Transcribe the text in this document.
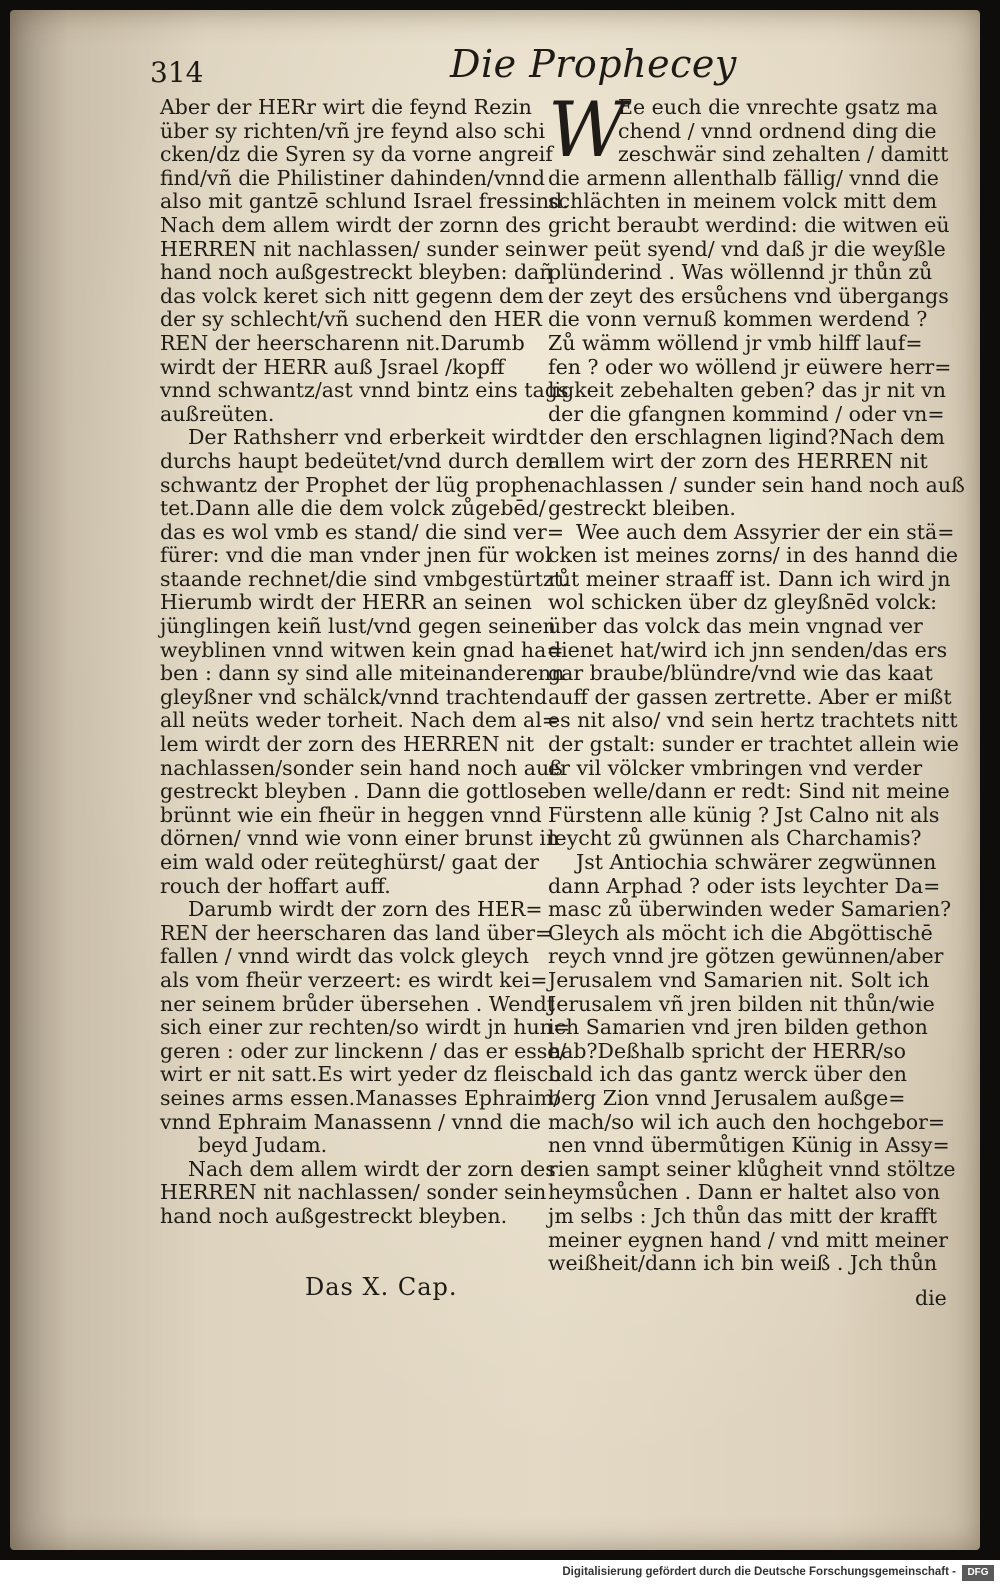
314	Die Prophecey
Aber der HERr wirt die feynd Rezin
über sy richten/vñ jre feynd also schi
cken/dz die Syren sy da vorne angreif
find/vñ die Philistiner dahinden/vnnd
also mit gantzē schlund Israel fressind.
Nach dem allem wirdt der zornn des
HERREN nit nachlassen/ sunder sein
hand noch außgestreckt bleyben: dañ
das volck keret sich nitt gegenn dem
der sy schlecht/vñ suchend den HER
REN der heerscharenn nit.Darumb
wirdt der HERR auß Jsrael /kopff
vnnd schwantz/ast vnnd bintz eins tags
außreüten.
Der Rathsherr vnd erberkeit wirdt
durchs haupt bedeütet/vnd durch den
schwantz der Prophet der lüg prophe
tet.Dann alle die dem volck zůgebēd/
das es wol vmb es stand/ die sind ver=
fürer: vnd die man vnder jnen für wol
staande rechnet/die sind vmbgestürtzt.
Hierumb wirdt der HERR an seinen
jünglingen keiñ lust/vnd gegen seinen
weyblinen vnnd witwen kein gnad ha=
ben : dann sy sind alle miteinanderenn
gleyßner vnd schälck/vnnd trachtend
all neüts weder torheit. Nach dem al=
lem wirdt der zorn des HERREN nit
nachlassen/sonder sein hand noch auß
gestreckt bleyben . Dann die gottlose
brünnt wie ein fheür in heggen vnnd
dörnen/ vnnd wie vonn einer brunst in
eim wald oder reüteghürst/ gaat der
rouch der hoffart auff.
Darumb wirdt der zorn des HER=
REN der heerscharen das land über=
fallen / vnnd wirdt das volck gleych
als vom fheür verzeert: es wirdt kei=
ner seinem brůder übersehen . Wendt
sich einer zur rechten/so wirdt jn hun=
geren : oder zur linckenn / das er esse/
wirt er nit satt.Es wirt yeder dz fleisch
seines arms essen.Manasses Ephraim/
vnnd Ephraim Manassenn / vnnd die
beyd Judam.
Nach dem allem wirdt der zorn des
HERREN nit nachlassen/ sonder sein
hand noch außgestreckt bleyben.
W
Ee euch die vnrechte gsatz ma
chend / vnnd ordnend ding die
zeschwär sind zehalten / damitt
die armenn allenthalb fällig/ vnnd die
schlächten in meinem volck mitt dem
gricht beraubt werdind: die witwen eü
wer peüt syend/ vnd daß jr die weyßle
plünderind . Was wöllennd jr thůn zů
der zeyt des ersůchens vnd übergangs
die vonn vernuß kommen werdend ?
Zů wämm wöllend jr vmb hilff lauf=
fen ? oder wo wöllend jr eüwere herr=
ligkeit zebehalten geben? das jr nit vn
der die gfangnen kommind / oder vn=
der den erschlagnen ligind?Nach dem
allem wirt der zorn des HERREN nit
nachlassen / sunder sein hand noch auß
gestreckt bleiben.
Wee auch dem Assyrier der ein stä=
cken ist meines zorns/ in des hannd die
růt meiner straaff ist. Dann ich wird jn
wol schicken über dz gleyßnēd volck:
über das volck das mein vngnad ver
dienet hat/wird ich jnn senden/das ers
gar braube/blündre/vnd wie das kaat
auff der gassen zertrette. Aber er mißt
es nit also/ vnd sein hertz trachtets nitt
der gstalt: sunder er trachtet allein wie
er vil völcker vmbringen vnd verder
ben welle/dann er redt: Sind nit meine
Fürstenn alle künig ? Jst Calno nit als
leycht zů gwünnen als Charchamis?
Jst Antiochia schwärer zegwünnen
dann Arphad ? oder ists leychter Da=
masc zů überwinden weder Samarien?
Gleych als möcht ich die Abgöttischē
reych vnnd jre götzen gewünnen/aber
Jerusalem vnd Samarien nit. Solt ich
Jerusalem vñ jren bilden nit thůn/wie
ich Samarien vnd jren bilden gethon
hab?Deßhalb spricht der HERR/so
bald ich das gantz werck über den
berg Zion vnnd Jerusalem außge=
mach/so wil ich auch den hochgebor=
nen vnnd übermůtigen Künig in Assy=
rien sampt seiner klůgheit vnnd stöltze
heymsůchen . Dann er haltet also von
jm selbs : Jch thůn das mitt der krafft
meiner eygnen hand / vnd mitt meiner
weißheit/dann ich bin weiß . Jch thůn
Das X. Cap.	die
Digitalisierung gefördert durch die Deutsche Forschungsgemeinschaft -	DFG
